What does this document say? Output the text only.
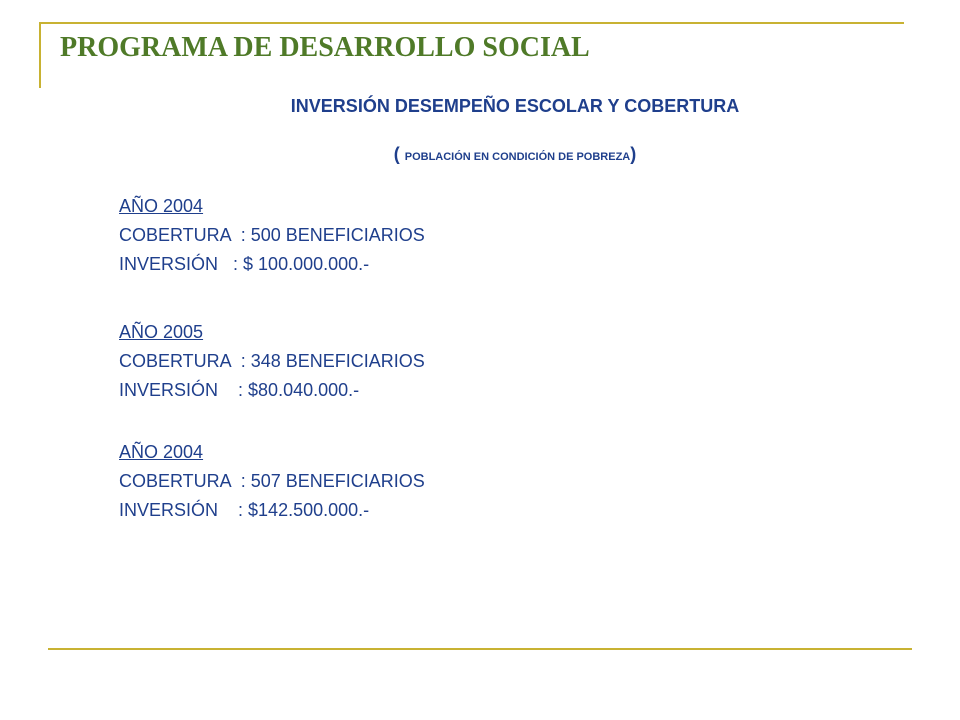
PROGRAMA DE DESARROLLO SOCIAL
INVERSIÓN DESEMPEÑO ESCOLAR Y COBERTURA
( POBLACIÓN EN CONDICIÓN DE POBREZA)
AÑO 2004
COBERTURA  : 500 BENEFICIARIOS
INVERSIÓN   : $ 100.000.000.-
AÑO 2005
COBERTURA  : 348 BENEFICIARIOS
INVERSIÓN    : $80.040.000.-
AÑO 2004
COBERTURA  : 507 BENEFICIARIOS
INVERSIÓN    : $142.500.000.-
